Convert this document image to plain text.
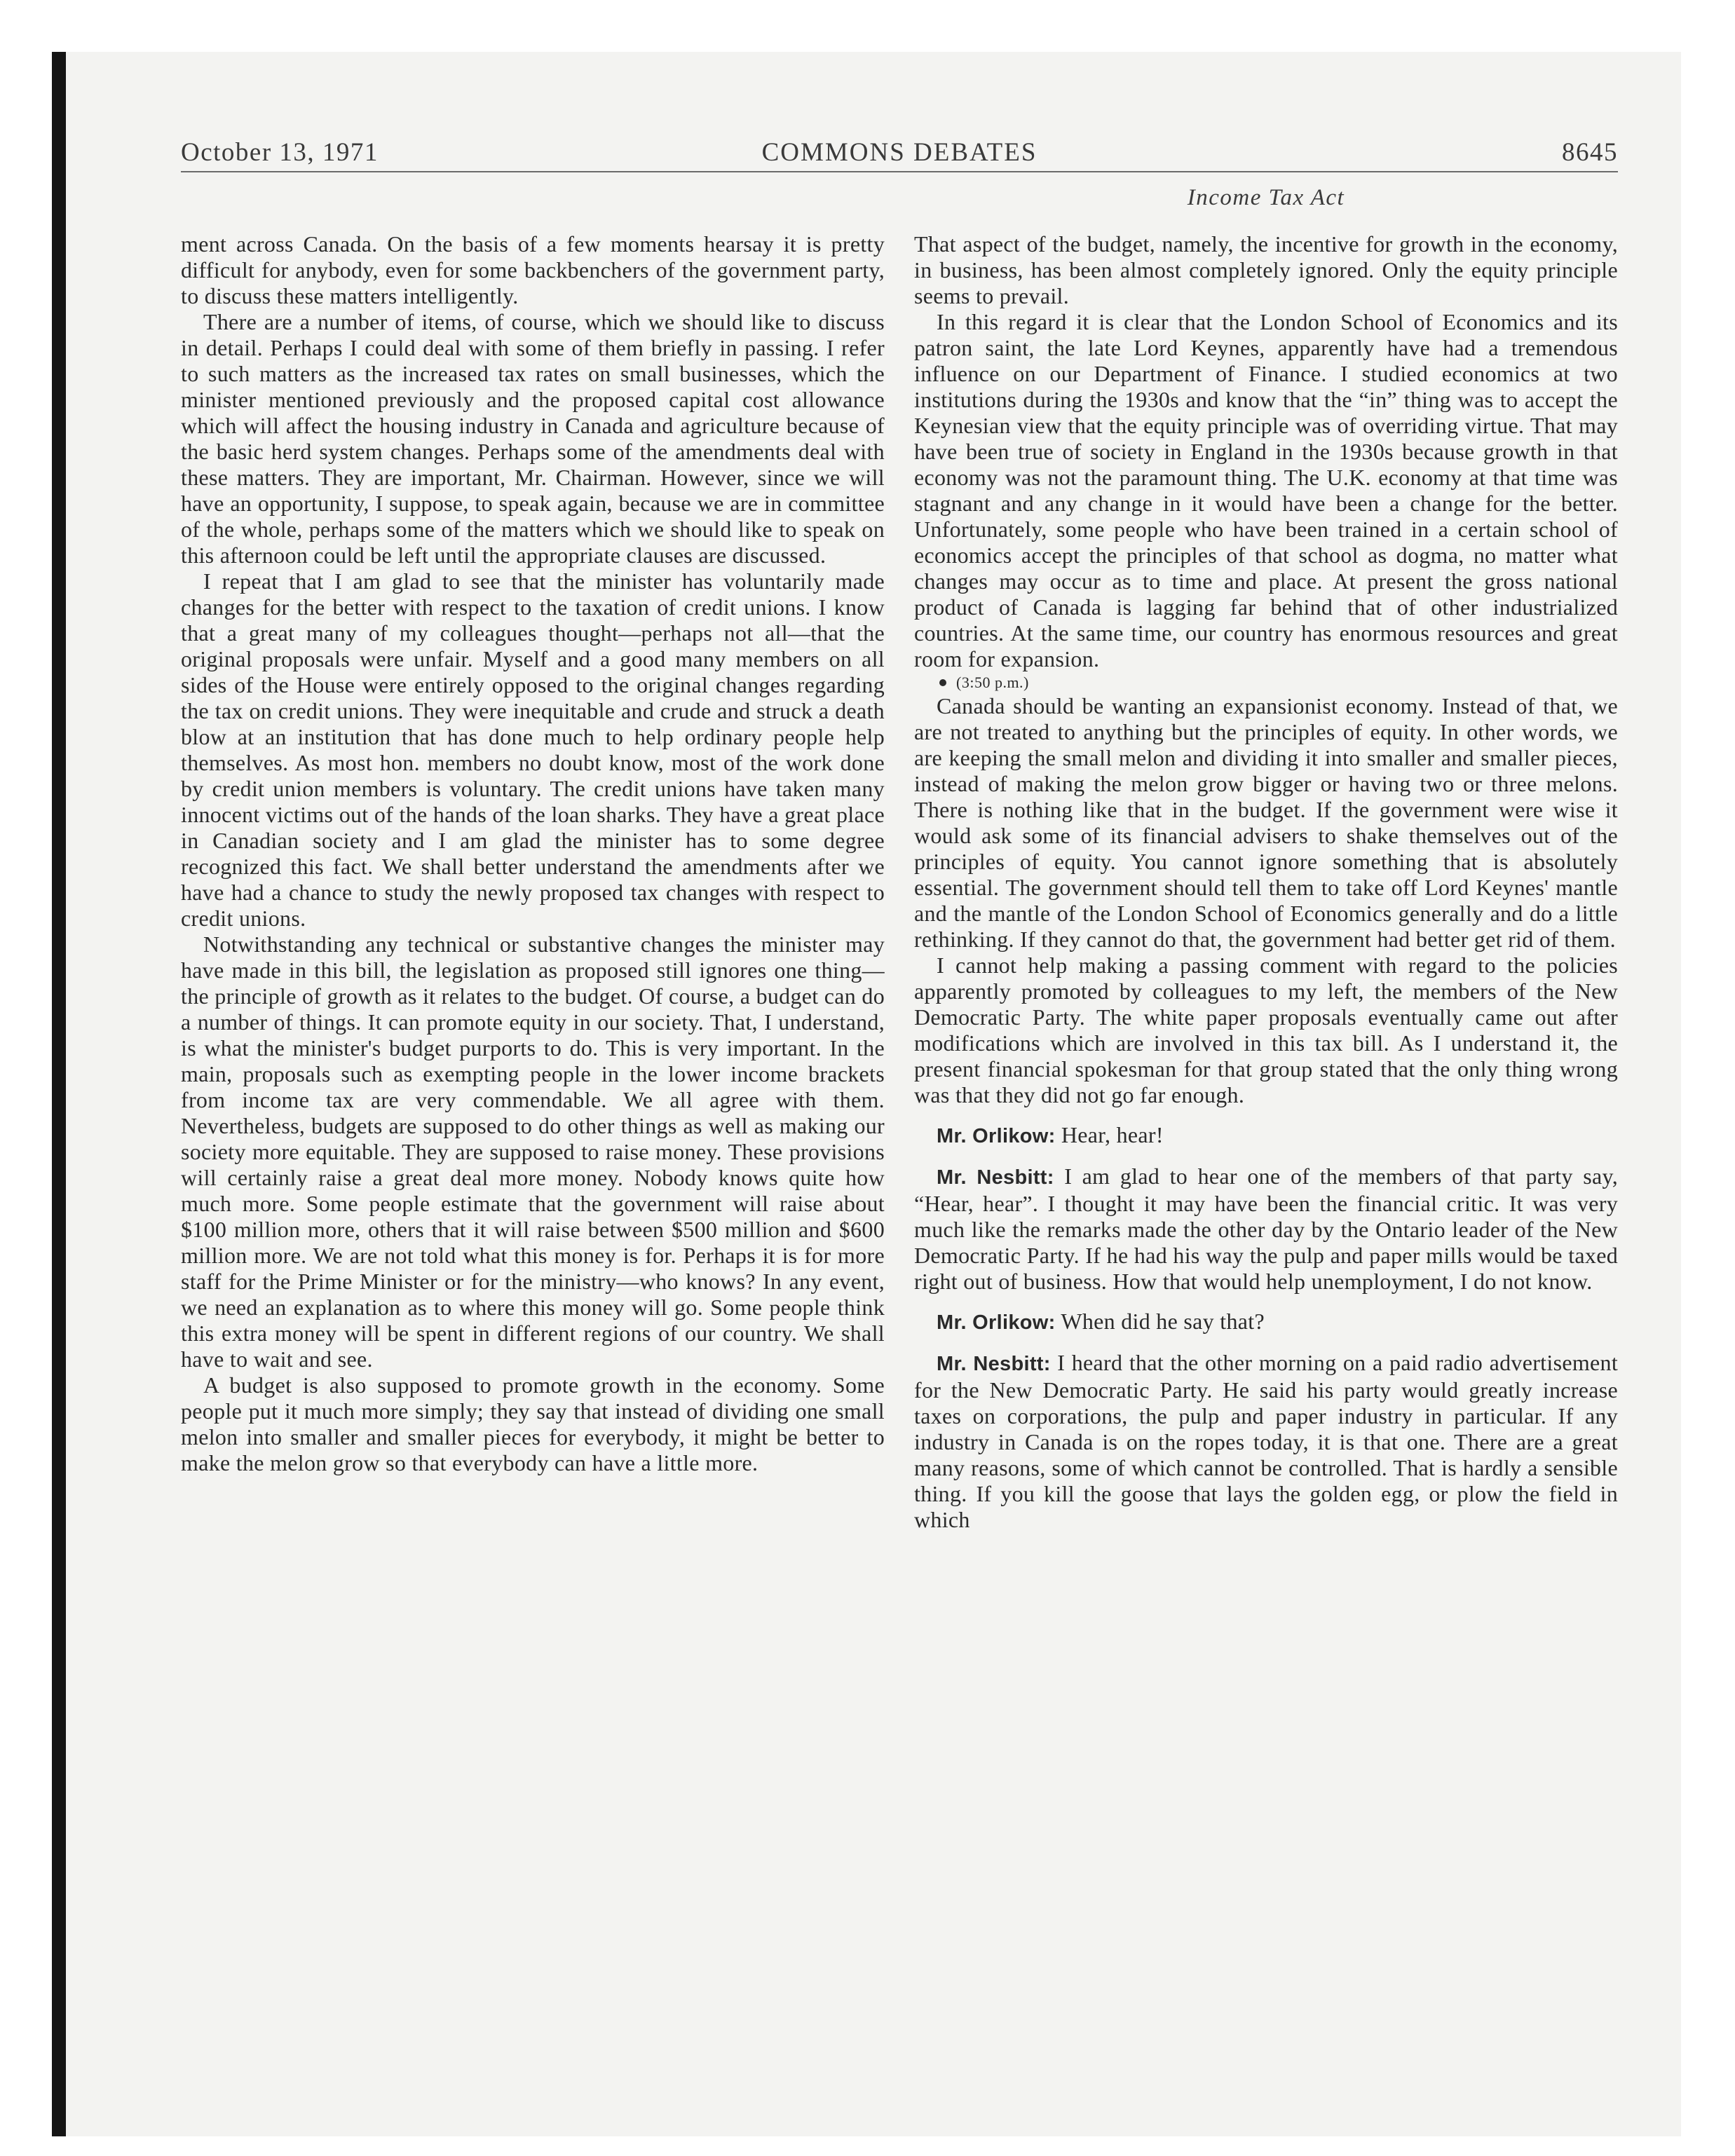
COMMONS DEBATES
October 13, 1971	8645
Income Tax Act

ment across Canada. On the basis of a few moments hearsay it is pretty difficult for anybody, even for some backbenchers of the government party, to discuss these matters intelligently.

There are a number of items, of course, which we should like to discuss in detail. Perhaps I could deal with some of them briefly in passing. I refer to such matters as the increased tax rates on small businesses, which the minister mentioned previously and the proposed capital cost allowance which will affect the housing industry in Canada and agriculture because of the basic herd system changes. Perhaps some of the amendments deal with these matters. They are important, Mr. Chairman. However, since we will have an opportunity, I suppose, to speak again, because we are in committee of the whole, perhaps some of the matters which we should like to speak on this afternoon could be left until the appropriate clauses are discussed.

I repeat that I am glad to see that the minister has voluntarily made changes for the better with respect to the taxation of credit unions. I know that a great many of my colleagues thought—perhaps not all—that the original proposals were unfair. Myself and a good many members on all sides of the House were entirely opposed to the original changes regarding the tax on credit unions. They were inequitable and crude and struck a death blow at an institution that has done much to help ordinary people help themselves. As most hon. members no doubt know, most of the work done by credit union members is voluntary. The credit unions have taken many innocent victims out of the hands of the loan sharks. They have a great place in Canadian society and I am glad the minister has to some degree recognized this fact. We shall better understand the amendments after we have had a chance to study the newly proposed tax changes with respect to credit unions.

Notwithstanding any technical or substantive changes the minister may have made in this bill, the legislation as proposed still ignores one thing—the principle of growth as it relates to the budget. Of course, a budget can do a number of things. It can promote equity in our society. That, I understand, is what the minister's budget purports to do. This is very important. In the main, proposals such as exempting people in the lower income brackets from income tax are very commendable. We all agree with them. Nevertheless, budgets are supposed to do other things as well as making our society more equitable. They are supposed to raise money. These provisions will certainly raise a great deal more money. Nobody knows quite how much more. Some people estimate that the government will raise about $100 million more, others that it will raise between $500 million and $600 million more. We are not told what this money is for. Perhaps it is for more staff for the Prime Minister or for the ministry—who knows? In any event, we need an explanation as to where this money will go. Some people think this extra money will be spent in different regions of our country. We shall have to wait and see.

A budget is also supposed to promote growth in the economy. Some people put it much more simply; they say that instead of dividing one small melon into smaller and smaller pieces for everybody, it might be better to make the melon grow so that everybody can have a little more.

That aspect of the budget, namely, the incentive for growth in the economy, in business, has been almost completely ignored. Only the equity principle seems to prevail.

In this regard it is clear that the London School of Economics and its patron saint, the late Lord Keynes, apparently have had a tremendous influence on our Department of Finance. I studied economics at two institutions during the 1930s and know that the “in” thing was to accept the Keynesian view that the equity principle was of overriding virtue. That may have been true of society in England in the 1930s because growth in that economy was not the paramount thing. The U.K. economy at that time was stagnant and any change in it would have been a change for the better. Unfortunately, some people who have been trained in a certain school of economics accept the principles of that school as dogma, no matter what changes may occur as to time and place. At present the gross national product of Canada is lagging far behind that of other industrialized countries. At the same time, our country has enormous resources and great room for expansion.

(3:50 p.m.)

Canada should be wanting an expansionist economy. Instead of that, we are not treated to anything but the principles of equity. In other words, we are keeping the small melon and dividing it into smaller and smaller pieces, instead of making the melon grow bigger or having two or three melons. There is nothing like that in the budget. If the government were wise it would ask some of its financial advisers to shake themselves out of the principles of equity. You cannot ignore something that is absolutely essential. The government should tell them to take off Lord Keynes' mantle and the mantle of the London School of Economics generally and do a little rethinking. If they cannot do that, the government had better get rid of them.

I cannot help making a passing comment with regard to the policies apparently promoted by colleagues to my left, the members of the New Democratic Party. The white paper proposals eventually came out after modifications which are involved in this tax bill. As I understand it, the present financial spokesman for that group stated that the only thing wrong was that they did not go far enough.

Mr. Orlikow: Hear, hear!

Mr. Nesbitt: I am glad to hear one of the members of that party say, “Hear, hear”. I thought it may have been the financial critic. It was very much like the remarks made the other day by the Ontario leader of the New Democratic Party. If he had his way the pulp and paper mills would be taxed right out of business. How that would help unemployment, I do not know.

Mr. Orlikow: When did he say that?

Mr. Nesbitt: I heard that the other morning on a paid radio advertisement for the New Democratic Party. He said his party would greatly increase taxes on corporations, the pulp and paper industry in particular. If any industry in Canada is on the ropes today, it is that one. There are a great many reasons, some of which cannot be controlled. That is hardly a sensible thing. If you kill the goose that lays the golden egg, or plow the field in which
